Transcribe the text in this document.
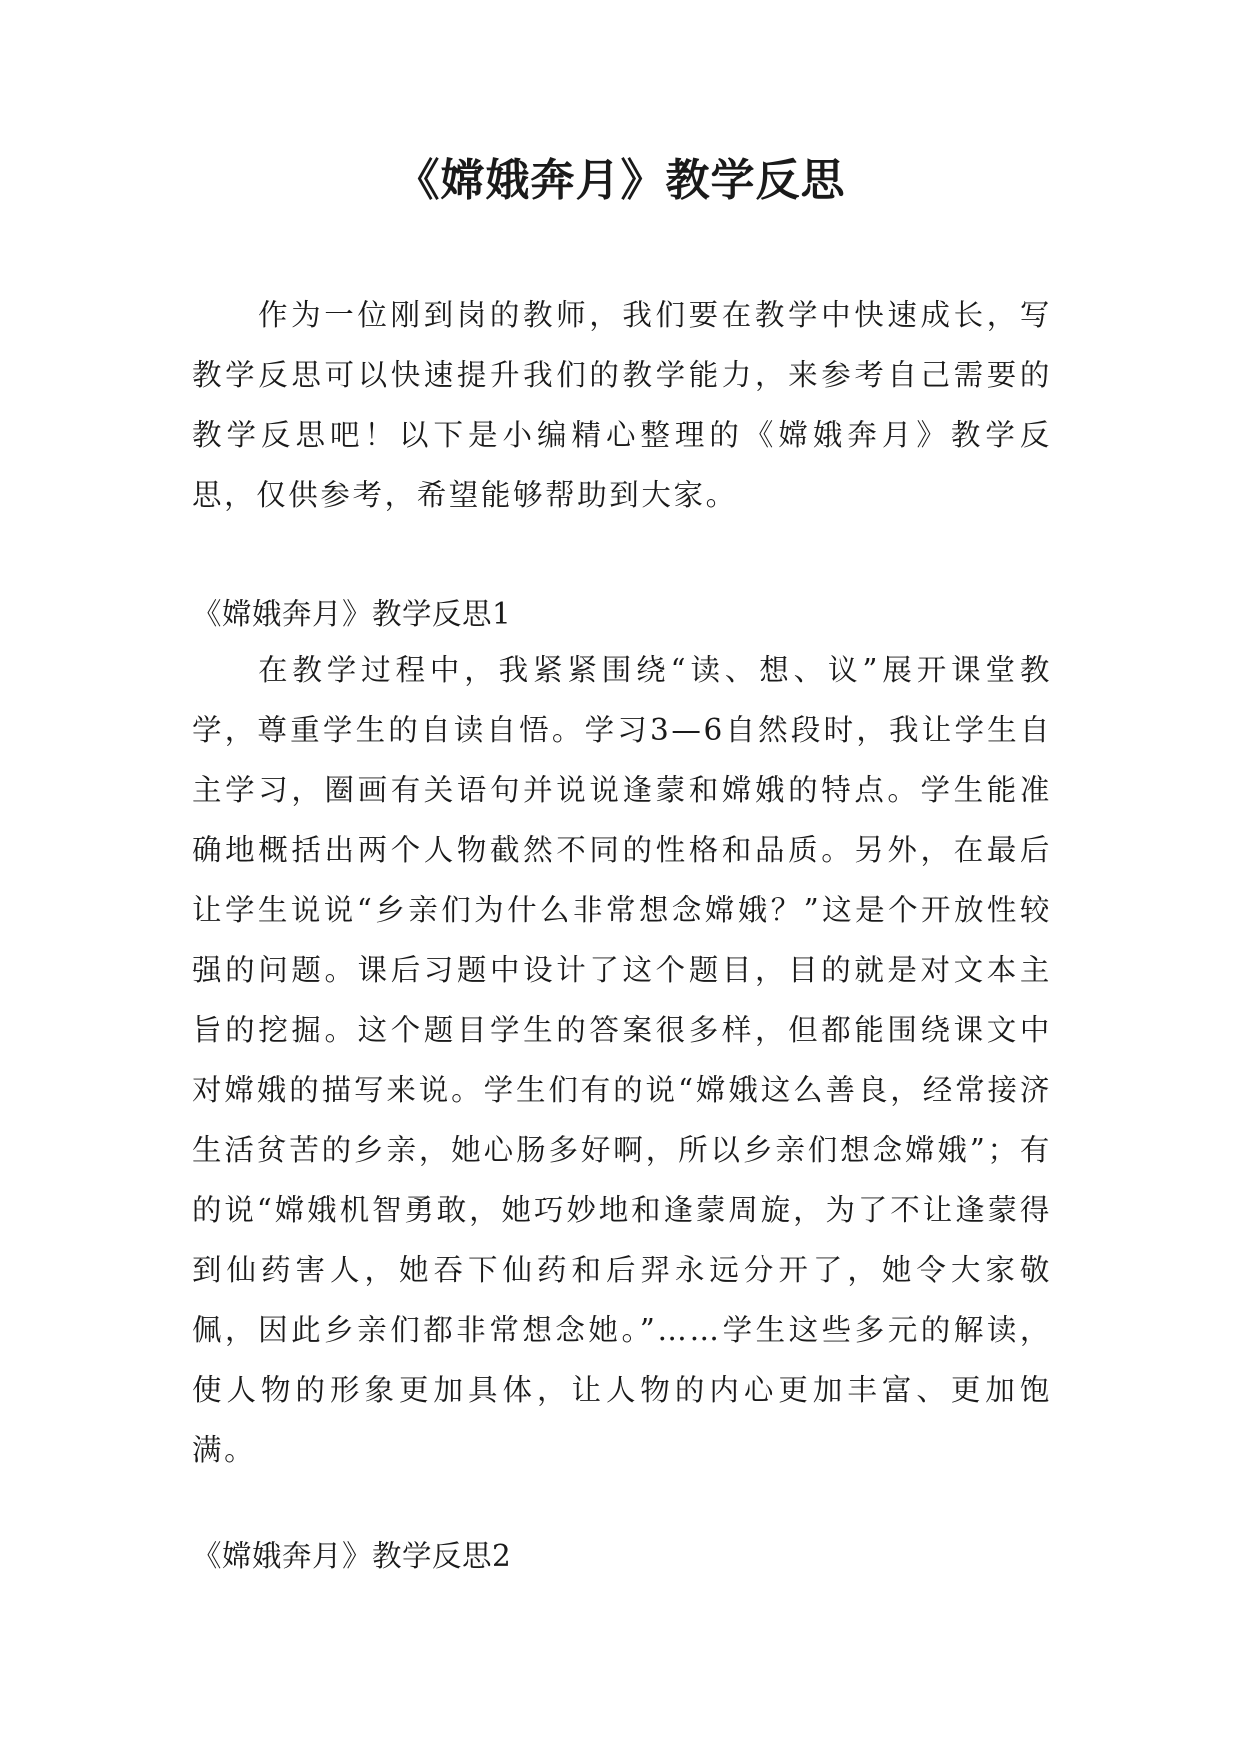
《嫦娥奔月》教学反思

作为一位刚到岗的教师，我们要在教学中快速成长，写教学反思可以快速提升我们的教学能力，来参考自己需要的教学反思吧！以下是小编精心整理的《嫦娥奔月》教学反思，仅供参考，希望能够帮助到大家。

《嫦娥奔月》教学反思1

在教学过程中，我紧紧围绕“读、想、议”展开课堂教学，尊重学生的自读自悟。学习3—6自然段时，我让学生自主学习，圈画有关语句并说说逢蒙和嫦娥的特点。学生能准确地概括出两个人物截然不同的性格和品质。另外，在最后让学生说说“乡亲们为什么非常想念嫦娥？”这是个开放性较强的问题。课后习题中设计了这个题目，目的就是对文本主旨的挖掘。这个题目学生的答案很多样，但都能围绕课文中对嫦娥的描写来说。学生们有的说“嫦娥这么善良，经常接济生活贫苦的乡亲，她心肠多好啊，所以乡亲们想念嫦娥”；有的说“嫦娥机智勇敢，她巧妙地和逢蒙周旋，为了不让逢蒙得到仙药害人，她吞下仙药和后羿永远分开了，她令大家敬佩，因此乡亲们都非常想念她。”……学生这些多元的解读，使人物的形象更加具体，让人物的内心更加丰富、更加饱满。

《嫦娥奔月》教学反思2
